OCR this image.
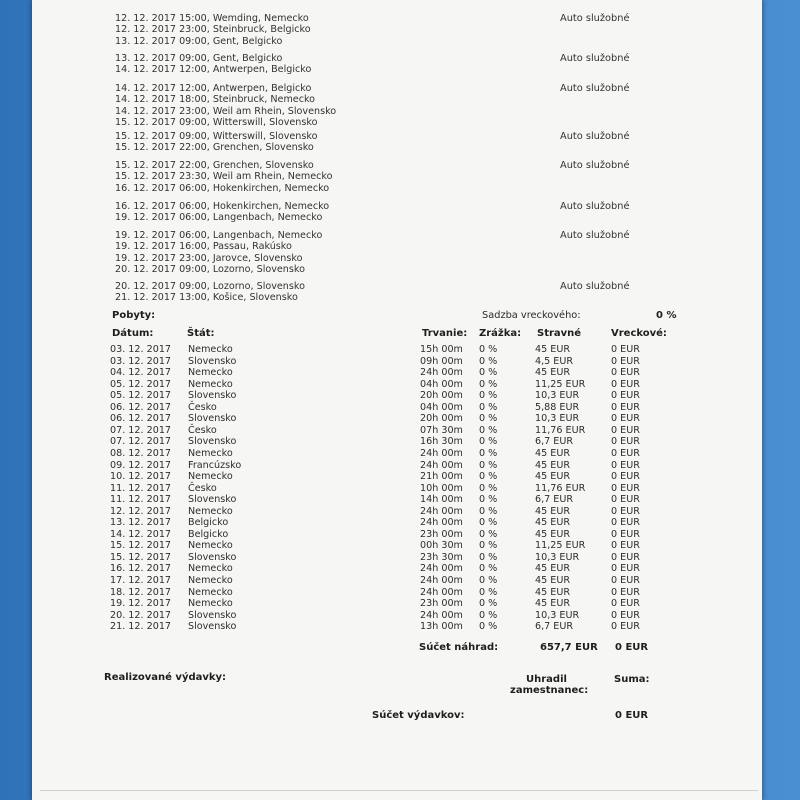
Auto služobné
12. 12. 2017 15:00, Wemding, Nemecko
12. 12. 2017 23:00, Steinbruck, Belgicko
13. 12. 2017 09:00, Gent, Belgicko
Auto služobné
13. 12. 2017 09:00, Gent, Belgicko
14. 12. 2017 12:00, Antwerpen, Belgicko
Auto služobné
14. 12. 2017 12:00, Antwerpen, Belgicko
14. 12. 2017 18:00, Steinbruck, Nemecko
14. 12. 2017 23:00, Weil am Rhein, Slovensko
15. 12. 2017 09:00, Witterswill, Slovensko
Auto služobné
15. 12. 2017 09:00, Witterswill, Slovensko
15. 12. 2017 22:00, Grenchen, Slovensko
Auto služobné
15. 12. 2017 22:00, Grenchen, Slovensko
15. 12. 2017 23:30, Weil am Rhein, Nemecko
16. 12. 2017 06:00, Hokenkirchen, Nemecko
Auto služobné
16. 12. 2017 06:00, Hokenkirchen, Nemecko
19. 12. 2017 06:00, Langenbach, Nemecko
Auto služobné
19. 12. 2017 06:00, Langenbach, Nemecko
19. 12. 2017 16:00, Passau, Rakúsko
19. 12. 2017 23:00, Jarovce, Slovensko
20. 12. 2017 09:00, Lozorno, Slovensko
Auto služobné
20. 12. 2017 09:00, Lozorno, Slovensko
21. 12. 2017 13:00, Košice, Slovensko
Pobyty:	Sadzba vreckového:	0 %
Dátum:	Štát:	Trvanie: Zrážka: Stravné	Vreckové:
03. 12. 2017 Nemecko	15h 00m 0 %	45 EUR	0 EUR
03. 12. 2017 Slovensko	09h 00m 0 %	4,5 EUR	0 EUR
04. 12. 2017 Nemecko	24h 00m 0 %	45 EUR	0 EUR
05. 12. 2017 Nemecko	04h 00m 0 %	11,25 EUR	0 EUR
05. 12. 2017 Slovensko	20h 00m 0 %	10,3 EUR	0 EUR
06. 12. 2017 Česko	04h 00m 0 %	5,88 EUR	0 EUR
06. 12. 2017 Slovensko	20h 00m 0 %	10,3 EUR	0 EUR
07. 12. 2017 Česko	07h 30m 0 %	11,76 EUR	0 EUR
07. 12. 2017 Slovensko	16h 30m 0 %	6,7 EUR	0 EUR
08. 12. 2017 Nemecko	24h 00m 0 %	45 EUR	0 EUR
09. 12. 2017 Francúzsko	24h 00m 0 %	45 EUR	0 EUR
10. 12. 2017 Nemecko	21h 00m 0 %	45 EUR	0 EUR
11. 12. 2017 Česko	10h 00m 0 %	11,76 EUR	0 EUR
11. 12. 2017 Slovensko	14h 00m 0 %	6,7 EUR	0 EUR
12. 12. 2017 Nemecko	24h 00m 0 %	45 EUR	0 EUR
13. 12. 2017 Belgicko	24h 00m 0 %	45 EUR	0 EUR
14. 12. 2017 Belgicko	23h 00m 0 %	45 EUR	0 EUR
15. 12. 2017 Nemecko	00h 30m 0 %	11,25 EUR	0 EUR
15. 12. 2017 Slovensko	23h 30m 0 %	10,3 EUR	0 EUR
16. 12. 2017 Nemecko	24h 00m 0 %	45 EUR	0 EUR
17. 12. 2017 Nemecko	24h 00m 0 %	45 EUR	0 EUR
18. 12. 2017 Nemecko	24h 00m 0 %	45 EUR	0 EUR
19. 12. 2017 Nemecko	23h 00m 0 %	45 EUR	0 EUR
20. 12. 2017 Slovensko	24h 00m 0 %	10,3 EUR	0 EUR
21. 12. 2017 Slovensko	13h 00m 0 %	6,7 EUR	0 EUR
Súčet náhrad:	657,7 EUR 0 EUR
Realizované výdavky:	Uhradil
zamestnanec:
Suma:
Súčet výdavkov:	0 EUR
